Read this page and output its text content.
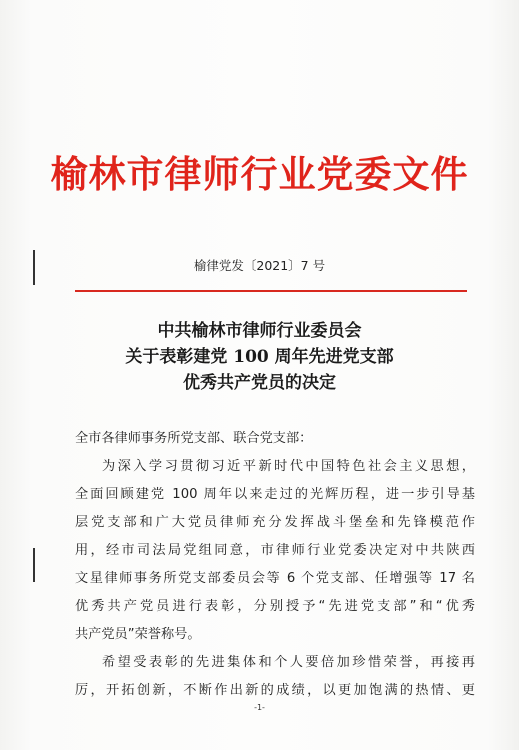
榆林市律师行业党委文件
榆律党发〔2021〕7 号
中共榆林市律师行业委员会
关于表彰建党 100 周年先进党支部
优秀共产党员的决定
全市各律师事务所党支部、联合党支部：
为深入学习贯彻习近平新时代中国特色社会主义思想，
全面回顾建党 100 周年以来走过的光辉历程，进一步引导基
层党支部和广大党员律师充分发挥战斗堡垒和先锋模范作
用，经市司法局党组同意，市律师行业党委决定对中共陕西
文星律师事务所党支部委员会等 6 个党支部、任增强等 17 名
优秀共产党员进行表彰，分别授予“先进党支部”和“优秀
共产党员”荣誉称号。
希望受表彰的先进集体和个人要倍加珍惜荣誉，再接再
厉，开拓创新，不断作出新的成绩，以更加饱满的热情、更
-1-
